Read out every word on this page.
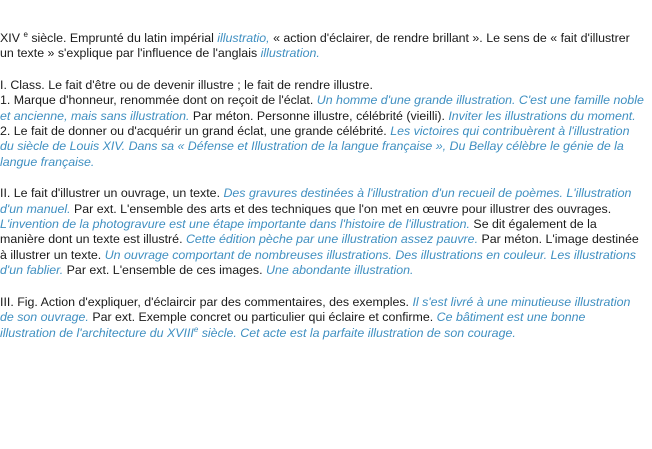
XIV $^e$ siècle. Emprunté du latin impérial illustratio, « action d'éclairer, de rendre brillant ». Le sens de « fait d'illustrer un texte » s'explique par l'influence de l'anglais illustration.

I. Class. Le fait d'être ou de devenir illustre ; le fait de rendre illustre.
1. Marque d'honneur, renommée dont on reçoit de l'éclat. Un homme d'une grande illustration. C'est une famille noble et ancienne, mais sans illustration. Par méton. Personne illustre, célébrité (vieilli). Inviter les illustrations du moment.
2. Le fait de donner ou d'acquérir un grand éclat, une grande célébrité. Les victoires qui contribuèrent à l'illustration du siècle de Louis XIV. Dans sa « Défense et Illustration de la langue française », Du Bellay célèbre le génie de la langue française.

II. Le fait d'illustrer un ouvrage, un texte. Des gravures destinées à l'illustration d'un recueil de poèmes. L'illustration d'un manuel. Par ext. L'ensemble des arts et des techniques que l'on met en œuvre pour illustrer des ouvrages. L'invention de la photogravure est une étape importante dans l'histoire de l'illustration. Se dit également de la manière dont un texte est illustré. Cette édition pèche par une illustration assez pauvre. Par méton. L'image destinée à illustrer un texte. Un ouvrage comportant de nombreuses illustrations. Des illustrations en couleur. Les illustrations d'un fablier. Par ext. L'ensemble de ces images. Une abondante illustration.

III. Fig. Action d'expliquer, d'éclaircir par des commentaires, des exemples. Il s'est livré à une minutieuse illustration de son ouvrage. Par ext. Exemple concret ou particulier qui éclaire et confirme. Ce bâtiment est une bonne illustration de l'architecture du XVIIIe siècle. Cet acte est la parfaite illustration de son courage.
